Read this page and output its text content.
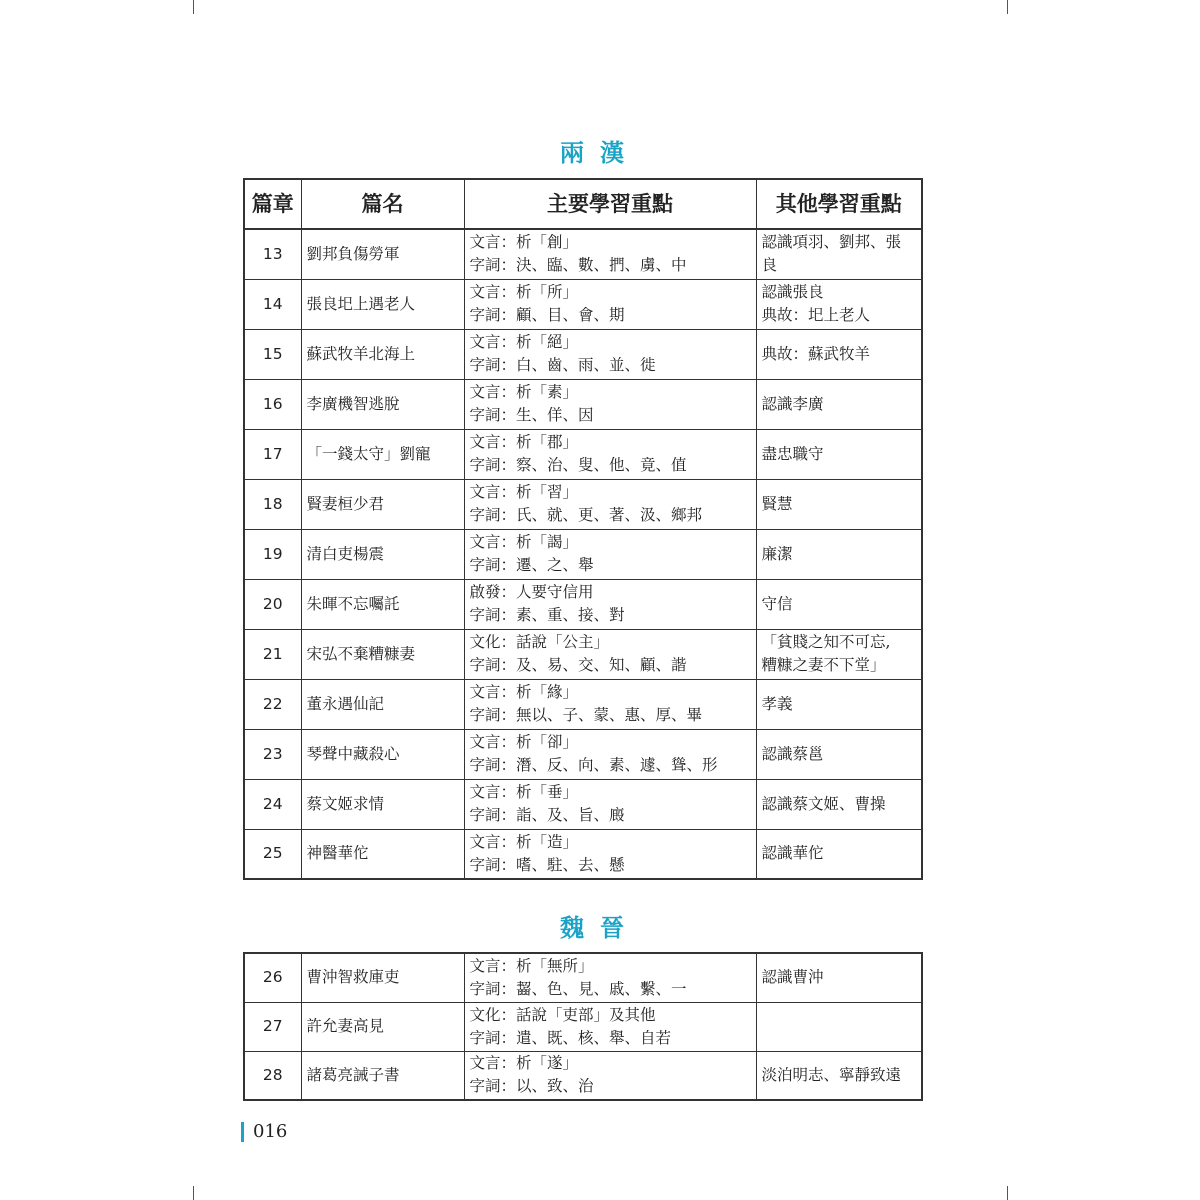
兩漢
篇章	篇名	主要學習重點	其他學習重點
13	劉邦負傷勞軍	文言：析「創」
字詞：決、臨、數、捫、虜、中	認識項羽、劉邦、張
良

14	張良圯上遇老人	文言：析「所」
字詞：顧、目、會、期	認識張良
典故：圯上老人

15	蘇武牧羊北海上	文言：析「絕」
字詞：白、齒、雨、並、徙	典故：蘇武牧羊

16	李廣機智逃脫	文言：析「素」
字詞：生、佯、因	認識李廣

17	「一錢太守」劉寵	文言：析「郡」
字詞：察、治、叟、他、竟、值	盡忠職守

18	賢妻桓少君	文言：析「習」
字詞：氏、就、更、著、汲、鄉邦	賢慧

19	清白吏楊震	文言：析「謁」
字詞：遷、之、舉	廉潔

20	朱暉不忘囑託	啟發：人要守信用
字詞：素、重、接、對	守信

21	宋弘不棄糟糠妻	文化：話說「公主」
字詞：及、易、交、知、顧、諧	「貧賤之知不可忘,
糟糠之妻不下堂」

22	董永遇仙記	文言：析「緣」
字詞：無以、子、蒙、惠、厚、畢	孝義

23	琴聲中藏殺心	文言：析「卻」
字詞：潛、反、向、素、遽、聳、形	認識蔡邕

24	蔡文姬求情	文言：析「垂」
字詞：詣、及、旨、廄	認識蔡文姬、曹操

25	神醫華佗	文言：析「造」
字詞：嗜、駐、去、懸	認識華佗
魏晉
26	曹沖智救庫吏	文言：析「無所」
字詞：齧、色、見、戚、繫、一	認識曹沖

27	許允妻高見	文化：話說「吏部」及其他
字詞：遣、既、核、舉、自若	

28	諸葛亮誡子書	文言：析「遂」
字詞：以、致、治	淡泊明志、寧靜致遠
016
